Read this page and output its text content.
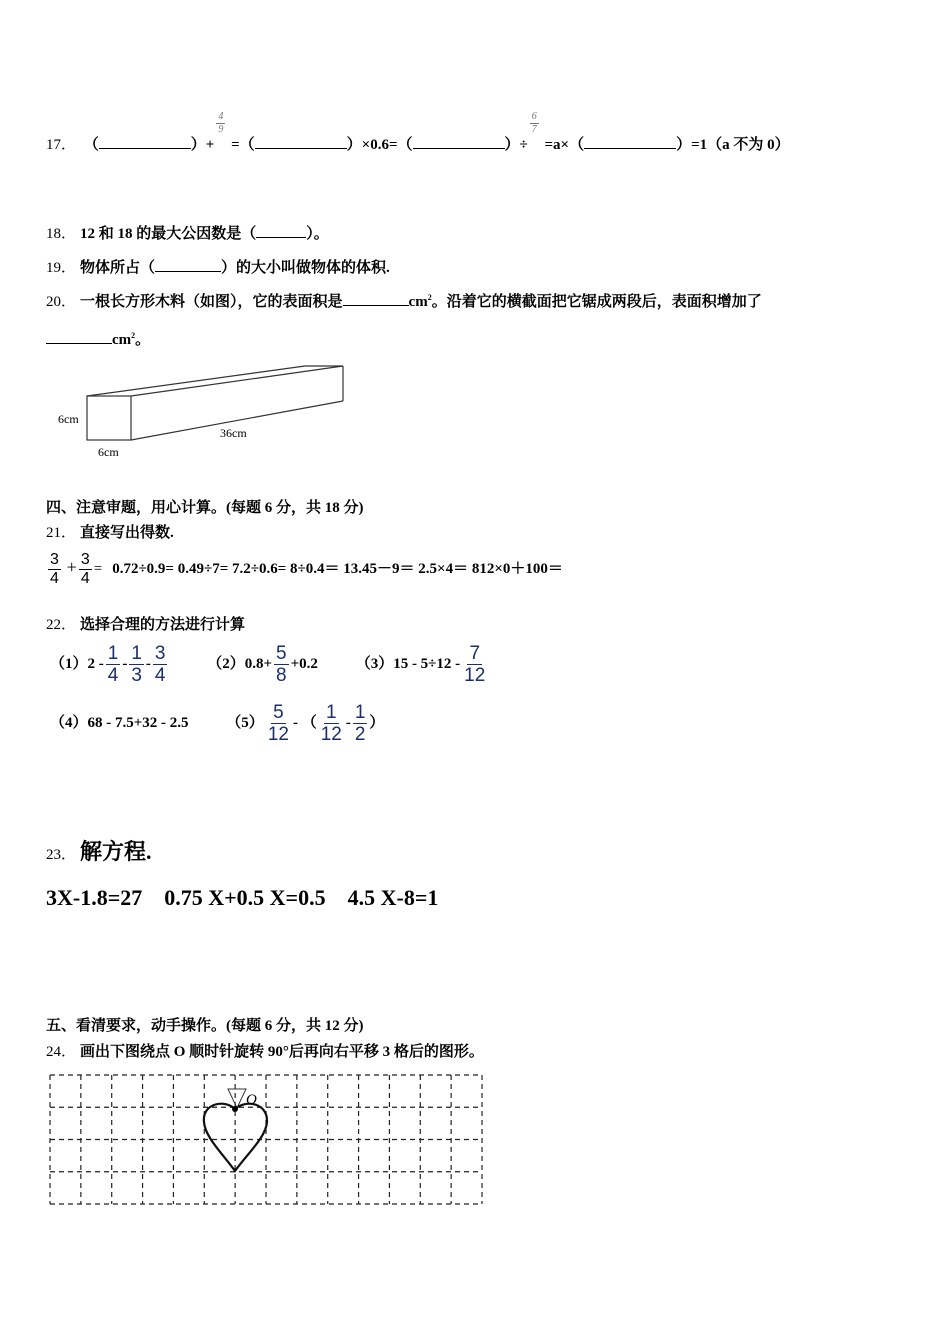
17． （	）+
$\frac{4}{9}$
=（	）×0.6=（	）÷
$\frac{6}{7}$
=a×（	）=1（a 不为 0）
18． 12 和 18 的最大公因数是（	）。
19． 物体所占（	）的大小叫做物体的体积.
20． 一根长方形木料（如图），它的表面积是	$cm^2$。沿着它的横截面把它锯成两段后，表面积增加了
$cm^2$。
6cm
6cm
36cm
四、注意审题，用心计算。(每题 6 分，共 18 分)
21． 直接写出得数.
$\frac{3}{4} + \frac{3}{4} = 0.72\div 0.9= 0.49\div 7= 7.2\div 0.6= 8\div 0.4= 13.45-9= 2.5\times 4= 812\times 0+100=$
22． 选择合理的方法进行计算
$(1)2 - \frac{1}{4} - \frac{1}{3} - \frac{3}{4}$	$(2)0.8+ \frac{5}{8} +0.2$	$(3)15 - 5\div 12 - \frac{7}{12}$
（4）68 - 7.5+32 - 2.5	$(5) \frac{5}{12}$ - （ $\frac{1}{12} - \frac{1}{2}$ ）
23． 解方程.
3X-1.8=27 0.75 X+0.5 X=0.5 4.5 X-8=1
五、看清要求，动手操作。(每题 6 分，共 12 分)
24． 画出下图绕点 O 顺时针旋转 90°后再向右平移 3 格后的图形。
O
